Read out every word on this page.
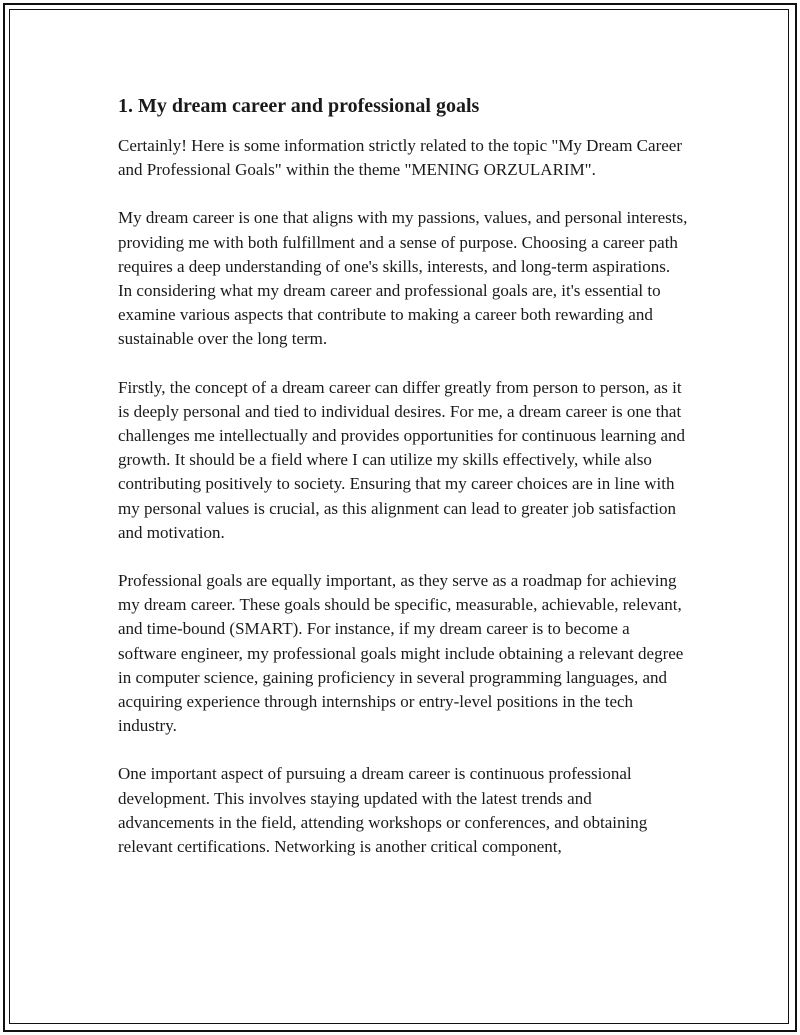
1. My dream career and professional goals

Certainly! Here is some information strictly related to the topic "My Dream Career and Professional Goals" within the theme "MENING ORZULARIM".

My dream career is one that aligns with my passions, values, and personal interests, providing me with both fulfillment and a sense of purpose. Choosing a career path requires a deep understanding of one's skills, interests, and long-term aspirations. In considering what my dream career and professional goals are, it's essential to examine various aspects that contribute to making a career both rewarding and sustainable over the long term.

Firstly, the concept of a dream career can differ greatly from person to person, as it is deeply personal and tied to individual desires. For me, a dream career is one that challenges me intellectually and provides opportunities for continuous learning and growth. It should be a field where I can utilize my skills effectively, while also contributing positively to society. Ensuring that my career choices are in line with my personal values is crucial, as this alignment can lead to greater job satisfaction and motivation.

Professional goals are equally important, as they serve as a roadmap for achieving my dream career. These goals should be specific, measurable, achievable, relevant, and time-bound (SMART). For instance, if my dream career is to become a software engineer, my professional goals might include obtaining a relevant degree in computer science, gaining proficiency in several programming languages, and acquiring experience through internships or entry-level positions in the tech industry.

One important aspect of pursuing a dream career is continuous professional development. This involves staying updated with the latest trends and advancements in the field, attending workshops or conferences, and obtaining relevant certifications. Networking is another critical component,
